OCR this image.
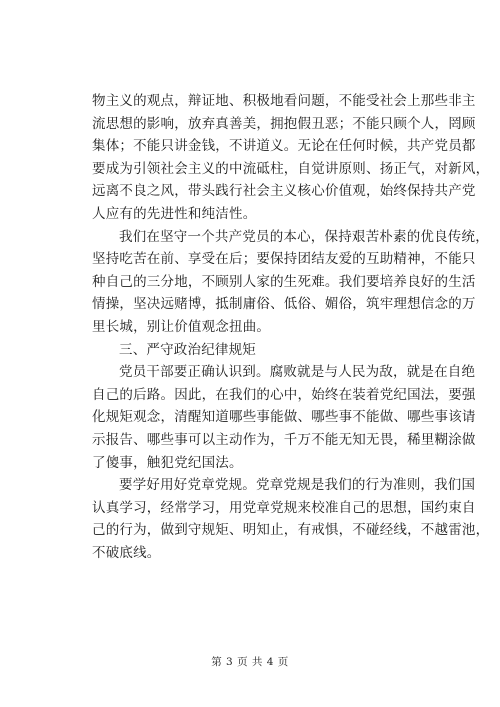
物主义的观点，辩证地、积极地看问题，不能受社会上那些非主
流思想的影响，放弃真善美，拥抱假丑恶；不能只顾个人，罔顾
集体；不能只讲金钱，不讲道义。无论在任何时候，共产党员都
要成为引领社会主义的中流砥柱，自觉讲原则、扬正气，对新风，
远离不良之风，带头践行社会主义核心价值观，始终保持共产党
人应有的先进性和纯洁性。
我们在坚守一个共产党员的本心，保持艰苦朴素的优良传统，
坚持吃苦在前、享受在后；要保持团结友爱的互助精神，不能只
种自己的三分地，不顾别人家的生死难。我们要培养良好的生活
情操，坚决远赌博，抵制庸俗、低俗、媚俗，筑牢理想信念的万
里长城，别让价值观念扭曲。
三、严守政治纪律规矩
党员干部要正确认识到。腐败就是与人民为敌，就是在自绝
自己的后路。因此，在我们的心中，始终在装着党纪国法，要强
化规矩观念，清醒知道哪些事能做、哪些事不能做、哪些事该请
示报告、哪些事可以主动作为，千万不能无知无畏，稀里糊涂做
了傻事，触犯党纪国法。
要学好用好党章党规。党章党规是我们的行为准则，我们国
认真学习，经常学习，用党章党规来校准自己的思想，国约束自
己的行为，做到守规矩、明知止，有戒惧，不碰经线，不越雷池，
不破底线。
第 3 页 共 4 页
